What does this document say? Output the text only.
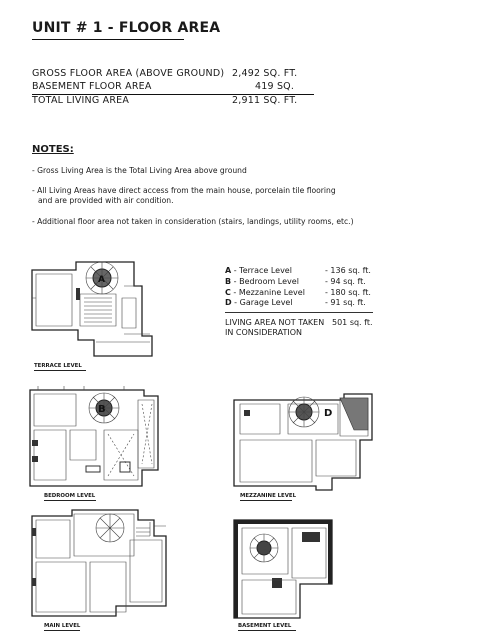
UNIT # 1 - FLOOR AREA
GROSS FLOOR AREA (ABOVE GROUND) 2,492 SQ. FT.
BASEMENT FLOOR AREA	419 SQ.
TOTAL LIVING AREA	2,911 SQ. FT.
NOTES:
- Gross Living Area is the Total Living Area above ground
- All Living Areas have direct access from the main house, porcelain tile flooring
and are provided with air condition.
- Additional floor area not taken in consideration (stairs, landings, utility rooms, etc.)
A - Terrace Level	- 136 sq. ft.
B - Bedroom Level	- 94 sq. ft.
C - Mezzanine Level	- 180 sq. ft.
D - Garage Level	- 91 sq. ft.
LIVING AREA NOT TAKEN
IN CONSIDERATION
501 sq. ft.
A
TERRACE LEVEL
B
BEDROOM LEVEL
D
MEZZANINE LEVEL
MAIN LEVEL	BASEMENT LEVEL
